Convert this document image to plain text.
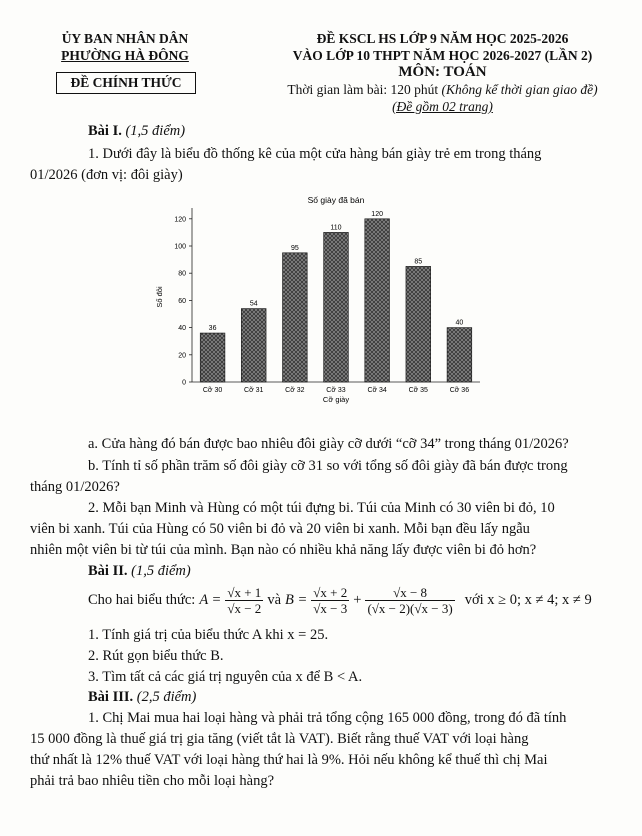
ỦY BAN NHÂN DÂN
PHƯỜNG HÀ ĐÔNG
ĐỀ CHÍNH THỨC
ĐỀ KSCL HS LỚP 9 NĂM HỌC 2025-2026
VÀO LỚP 10 THPT NĂM HỌC 2026-2027 (LẦN 2)
MÔN: TOÁN
Thời gian làm bài: 120 phút (Không kể thời gian giao đề)
(Đề gồm 02 trang)
Bài I. (1,5 điểm)
1. Dưới đây là biểu đồ thống kê của một cửa hàng bán giày trẻ em trong tháng
01/2026 (đơn vị: đôi giày)
Số giày đã bán
0
20
40
60
80
100
120
Số đôi
36
Cỡ 30
54
Cỡ 31
95
Cỡ 32
110
Cỡ 33
120
Cỡ 34
85
Cỡ 35
40
Cỡ 36
Cỡ giày
a. Cửa hàng đó bán được bao nhiêu đôi giày cỡ dưới “cỡ 34” trong tháng 01/2026?
b. Tính tỉ số phần trăm số đôi giày cỡ 31 so với tổng số đôi giày đã bán được trong
tháng 01/2026?
2. Mỗi bạn Minh và Hùng có một túi đựng bi. Túi của Minh có 30 viên bi đỏ, 10
viên bi xanh. Túi của Hùng có 50 viên bi đỏ và 20 viên bi xanh. Mỗi bạn đều lấy ngẫu
nhiên một viên bi từ túi của mình. Bạn nào có nhiều khả năng lấy được viên bi đỏ hơn?
Bài II. (1,5 điểm)
Cho hai biểu thức: $A = \frac{√x + 1}{√x - 2}$ và $B = \frac{√x + 2}{√x - 3} + \frac{√x - 8}{(√x - 2)(√x - 3)}$ với x ≥ 0; x ≠ 4; x ≠ 9
1. Tính giá trị của biểu thức A khi x = 25.
2. Rút gọn biểu thức B.
3. Tìm tất cả các giá trị nguyên của x để B < A.
Bài III. (2,5 điểm)
1. Chị Mai mua hai loại hàng và phải trả tổng cộng 165 000 đồng, trong đó đã tính
15 000 đồng là thuế giá trị gia tăng (viết tắt là VAT). Biết rằng thuế VAT với loại hàng
thứ nhất là 12% thuế VAT với loại hàng thứ hai là 9%. Hỏi nếu không kể thuế thì chị Mai
phải trả bao nhiêu tiền cho mỗi loại hàng?
